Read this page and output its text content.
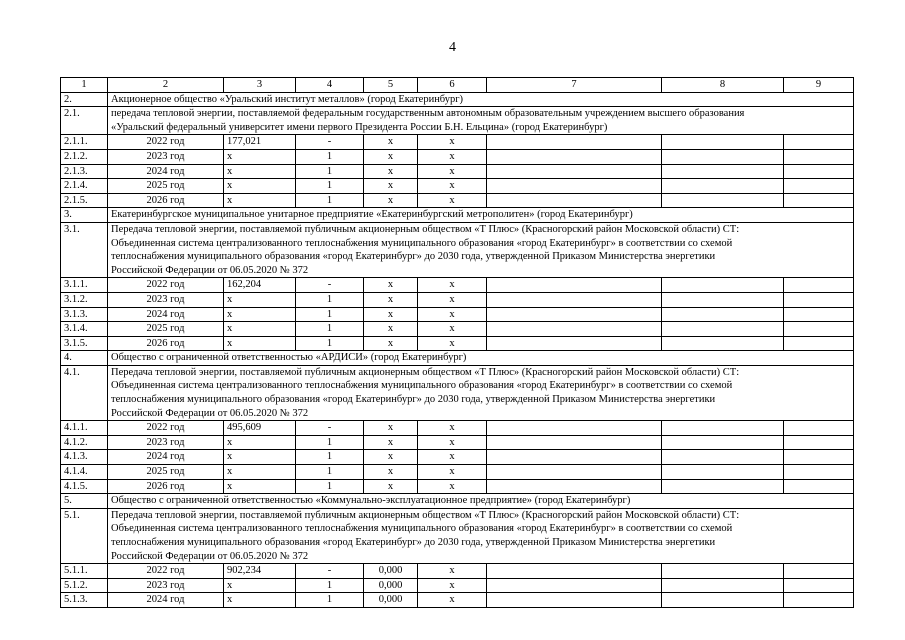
4
1	2	3	4	5	6	7	8	9
2.	Акционерное общество «Уральский институт металлов» (город Екатеринбург)							
2.1.	передача тепловой энергии, поставляемой федеральным государственным автономным образовательным учреждением высшего образования
«Уральский федеральный университет имени первого Президента России Б.Н. Ельцина» (город Екатеринбург)							

2.1.1.	2022 год	177,021	-	x	x			
2.1.2.	2023 год	x	1	x	x			
2.1.3.	2024 год	x	1	x	x			
2.1.4.	2025 год	x	1	x	x			
2.1.5.	2026 год	x	1	x	x			
3.	Екатеринбургское муниципальное унитарное предприятие «Екатеринбургский метрополитен» (город Екатеринбург)							
3.1.	Передача тепловой энергии, поставляемой публичным акционерным обществом «Т Плюс» (Красногорский район Московской области) СТ:
Объединенная система централизованного теплоснабжения муниципального образования «город Екатеринбург» в соответствии со схемой
теплоснабжения муниципального образования «город Екатеринбург» до 2030 года, утвержденной Приказом Министерства энергетики
Российской Федерации от 06.05.2020 № 372							

3.1.1.	2022 год	162,204	-	x	x			
3.1.2.	2023 год	x	1	x	x			
3.1.3.	2024 год	x	1	x	x			
3.1.4.	2025 год	x	1	x	x			
3.1.5.	2026 год	x	1	x	x			
4.	Общество с ограниченной ответственностью «АРДИСИ» (город Екатеринбург)							
4.1.	Передача тепловой энергии, поставляемой публичным акционерным обществом «Т Плюс» (Красногорский район Московской области) СТ:
Объединенная система централизованного теплоснабжения муниципального образования «город Екатеринбург» в соответствии со схемой
теплоснабжения муниципального образования «город Екатеринбург» до 2030 года, утвержденной Приказом Министерства энергетики
Российской Федерации от 06.05.2020 № 372							

4.1.1.	2022 год	495,609	-	x	x			
4.1.2.	2023 год	x	1	x	x			
4.1.3.	2024 год	x	1	x	x			
4.1.4.	2025 год	x	1	x	x			
4.1.5.	2026 год	x	1	x	x			
5.	Общество с ограниченной ответственностью «Коммунально-эксплуатационное предприятие» (город Екатеринбург)							
5.1.	Передача тепловой энергии, поставляемой публичным акционерным обществом «Т Плюс» (Красногорский район Московской области) СТ:
Объединенная система централизованного теплоснабжения муниципального образования «город Екатеринбург» в соответствии со схемой
теплоснабжения муниципального образования «город Екатеринбург» до 2030 года, утвержденной Приказом Министерства энергетики
Российской Федерации от 06.05.2020 № 372							

5.1.1.	2022 год	902,234	-	0,000	x			
5.1.2.	2023 год	x	1	0,000	x			
5.1.3.	2024 год	x	1	0,000	x			
